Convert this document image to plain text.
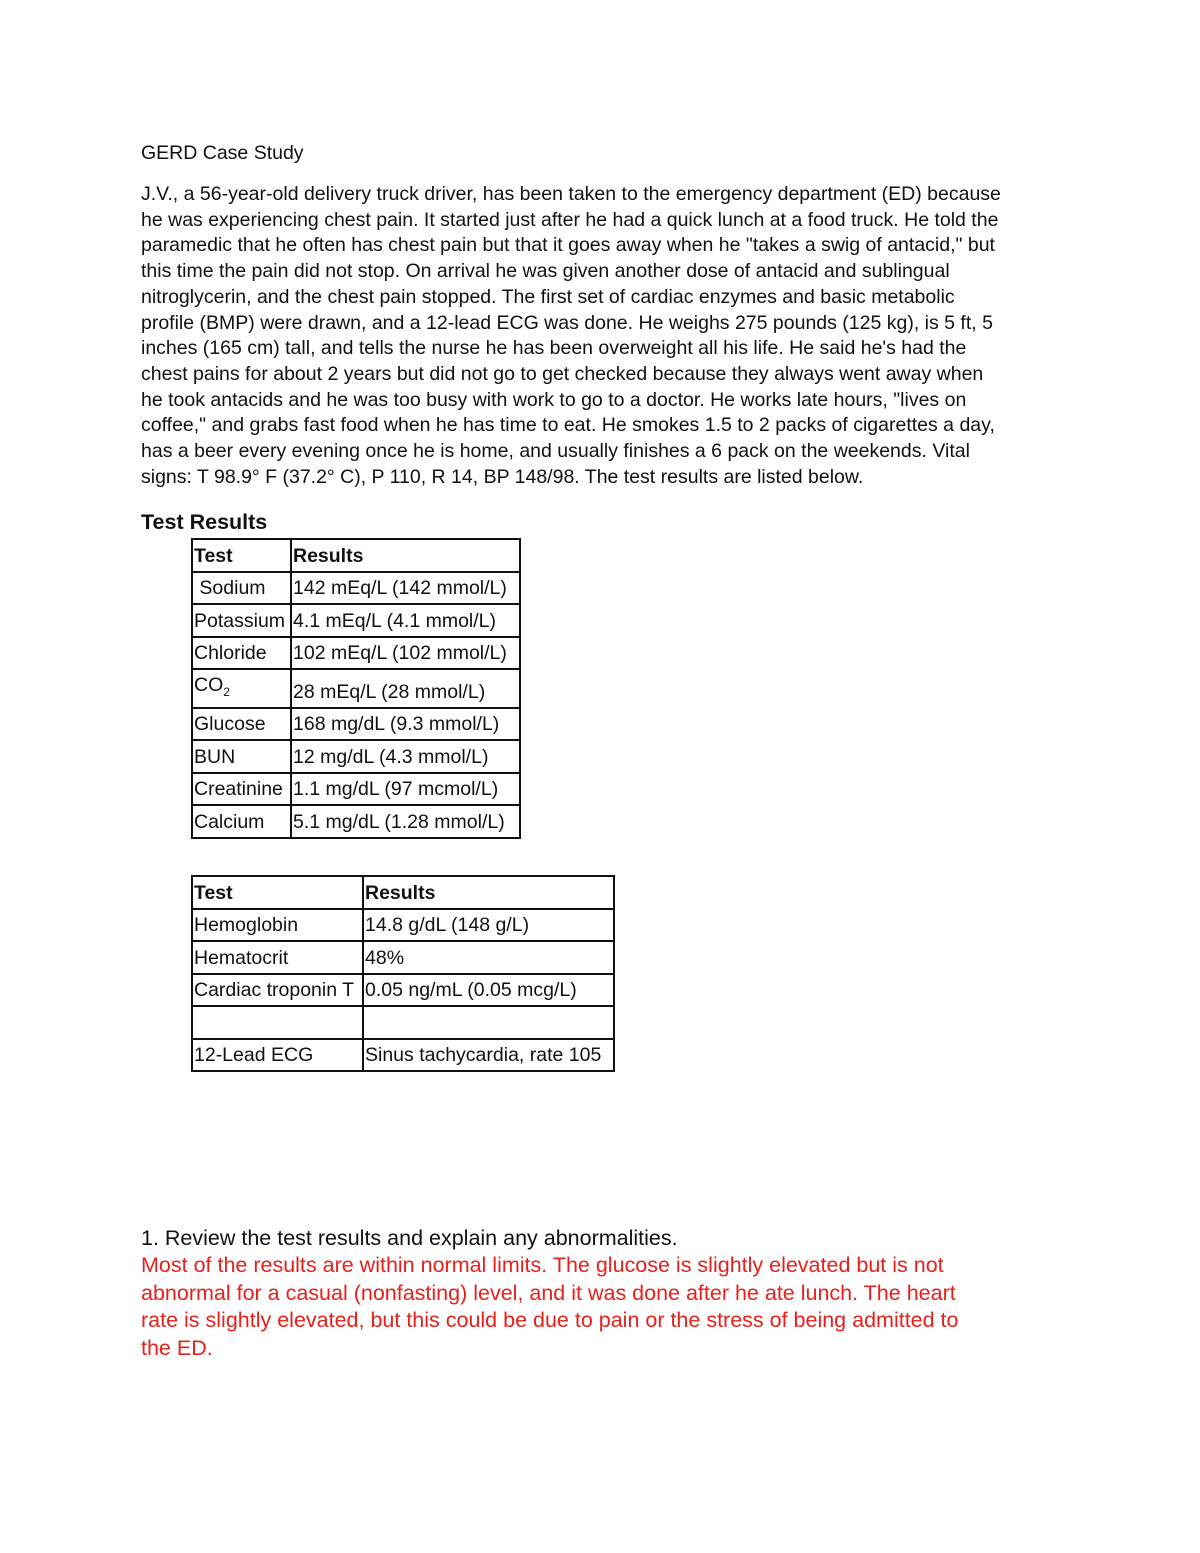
GERD Case Study
J.V., a 56-year-old delivery truck driver, has been taken to the emergency department (ED) because
he was experiencing chest pain. It started just after he had a quick lunch at a food truck. He told the
paramedic that he often has chest pain but that it goes away when he "takes a swig of antacid," but
this time the pain did not stop. On arrival he was given another dose of antacid and sublingual
nitroglycerin, and the chest pain stopped. The first set of cardiac enzymes and basic metabolic
profile (BMP) were drawn, and a 12-lead ECG was done. He weighs 275 pounds (125 kg), is 5 ft, 5
inches (165 cm) tall, and tells the nurse he has been overweight all his life. He said he's had the
chest pains for about 2 years but did not go to get checked because they always went away when
he took antacids and he was too busy with work to go to a doctor. He works late hours, "lives on
coffee," and grabs fast food when he has time to eat. He smokes 1.5 to 2 packs of cigarettes a day,
has a beer every evening once he is home, and usually finishes a 6 pack on the weekends. Vital
signs: T 98.9° F (37.2° C), P 110, R 14, BP 148/98. The test results are listed below.
Test Results
Test	Results
Sodium	142 mEq/L (142 mmol/L)
Potassium	4.1 mEq/L (4.1 mmol/L)
Chloride	102 mEq/L (102 mmol/L)
$CO_2$	28 mEq/L (28 mmol/L)
Glucose	168 mg/dL (9.3 mmol/L)
BUN	12 mg/dL (4.3 mmol/L)
Creatinine	1.1 mg/dL (97 mcmol/L)
Calcium	5.1 mg/dL (1.28 mmol/L)
Test	Results
Hemoglobin	14.8 g/dL (148 g/L)
Hematocrit	48%
Cardiac troponin T	0.05 ng/mL (0.05 mcg/L)

12-Lead ECG	Sinus tachycardia, rate 105
1. Review the test results and explain any abnormalities.
Most of the results are within normal limits. The glucose is slightly elevated but is not
abnormal for a casual (nonfasting) level, and it was done after he ate lunch. The heart
rate is slightly elevated, but this could be due to pain or the stress of being admitted to
the ED.
